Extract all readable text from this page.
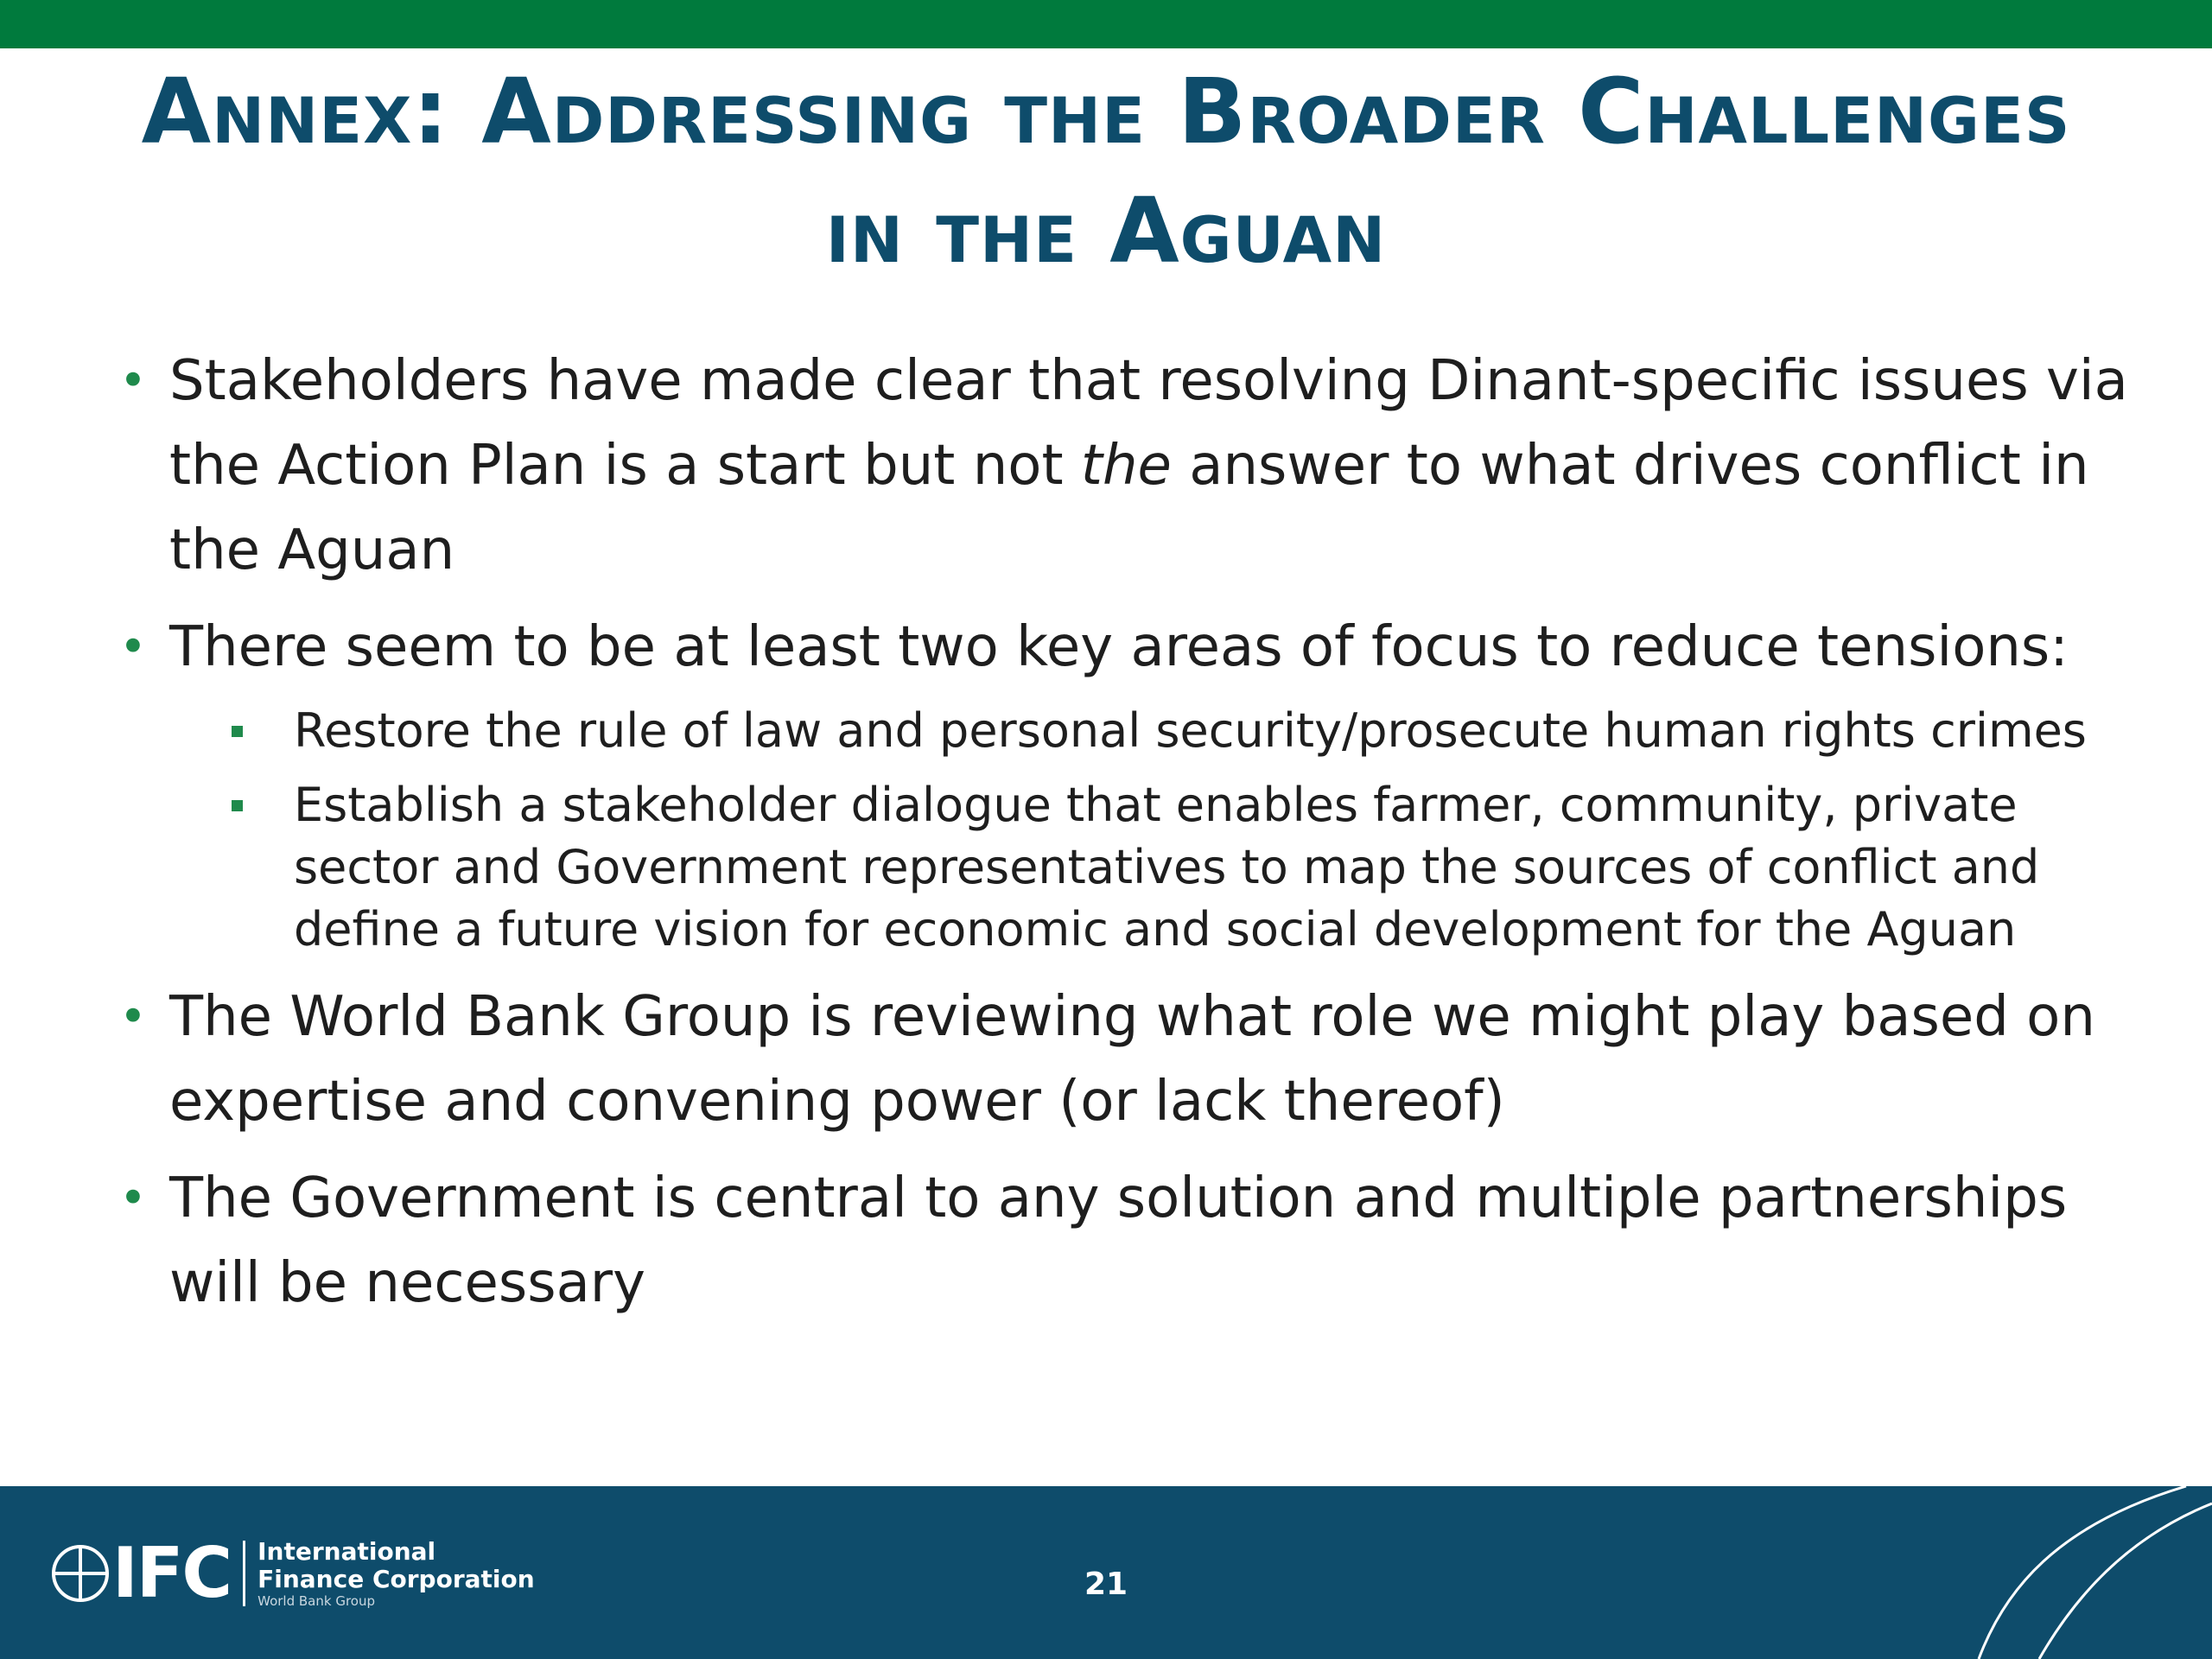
Annex: Addressing the Broader Challenges
in the Aguan
• Stakeholders have made clear that resolving Dinant-specific issues via the Action Plan is a start but not the answer to what drives conflict in the Aguan
• There seem to be at least two key areas of focus to reduce tensions:
Restore the rule of law and personal security/prosecute human rights crimes
Establish a stakeholder dialogue that enables farmer, community, private sector and Government representatives to map the sources of conflict and define a future vision for economic and social development for the Aguan
• The World Bank Group is reviewing what role we might play based on expertise and convening power (or lack thereof)
• The Government is central to any solution and multiple partnerships will be necessary
IFC International
Finance Corporation
World Bank Group	21
